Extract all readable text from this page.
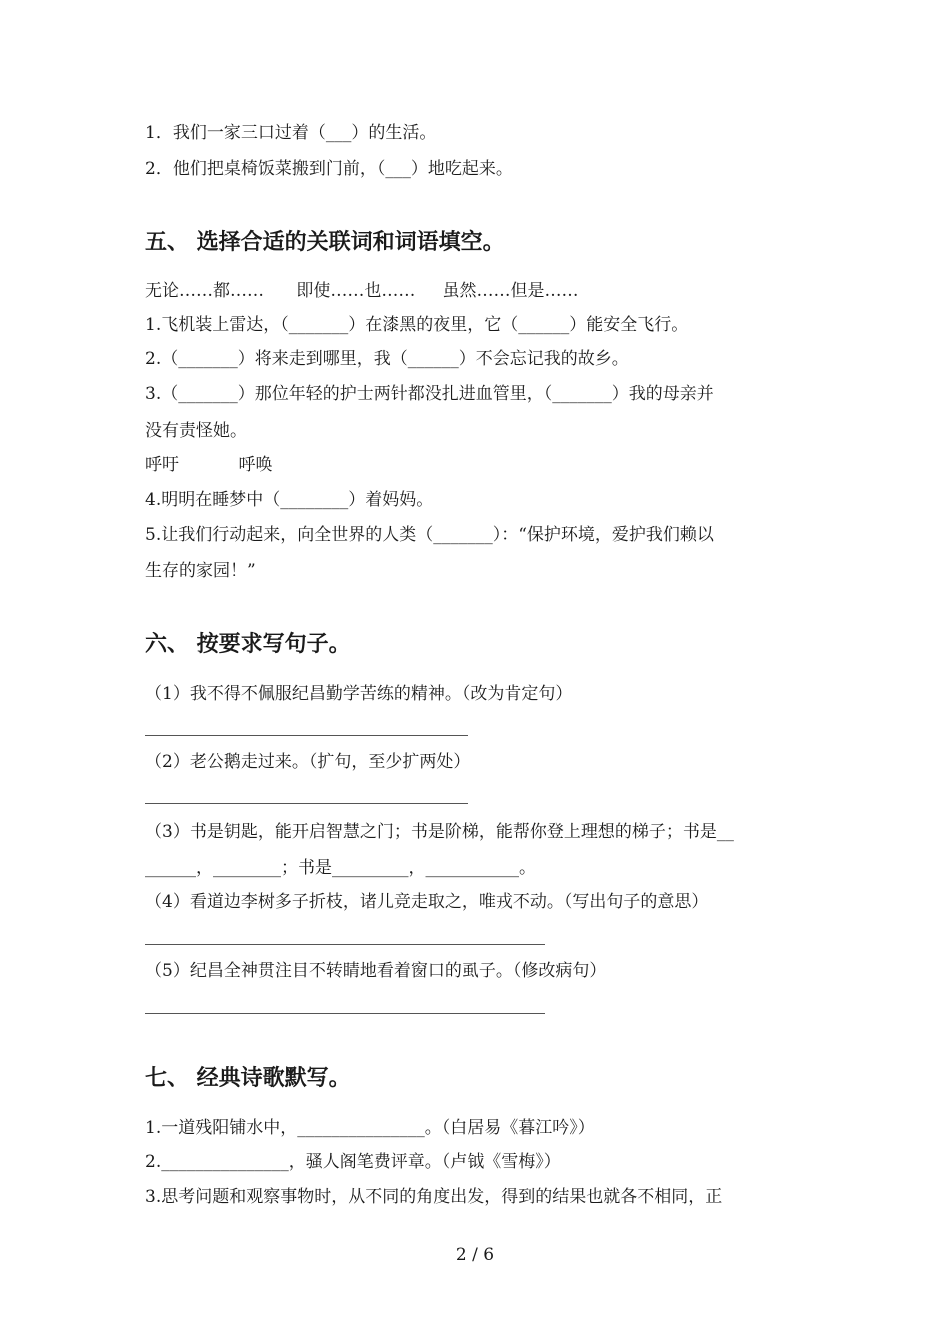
1．我们一家三口过着（___）的生活。

2．他们把桌椅饭菜搬到门前，（___）地吃起来。

五、 选择合适的关联词和词语填空。

无论……都……      即使……也……     虽然……但是……

1.飞机装上雷达，（_______）在漆黑的夜里，它（______）能安全飞行。

2.（_______）将来走到哪里，我（______）不会忘记我的故乡。

3.（_______）那位年轻的护士两针都没扎进血管里，（_______）我的母亲并

没有责怪她。

呼吁           呼唤

4.明明在睡梦中（________）着妈妈。

5.让我们行动起来，向全世界的人类（_______）：“保护环境，爱护我们赖以

生存的家园！”

六、 按要求写句子。

（1）我不得不佩服纪昌勤学苦练的精神。（改为肯定句）

（2）老公鹅走过来。（扩句，至少扩两处）

（3）书是钥匙，能开启智慧之门；书是阶梯，能帮你登上理想的梯子；书是__

______，________；书是_________，___________。

（4）看道边李树多子折枝，诸儿竞走取之，唯戎不动。（写出句子的意思）

（5）纪昌全神贯注目不转睛地看着窗口的虱子。（修改病句）

七、 经典诗歌默写。

1.一道残阳铺水中，_______________。（白居易《暮江吟》）

2._______________，骚人阁笔费评章。（卢钺《雪梅》）

3.思考问题和观察事物时，从不同的角度出发，得到的结果也就各不相同，正

2 / 6
